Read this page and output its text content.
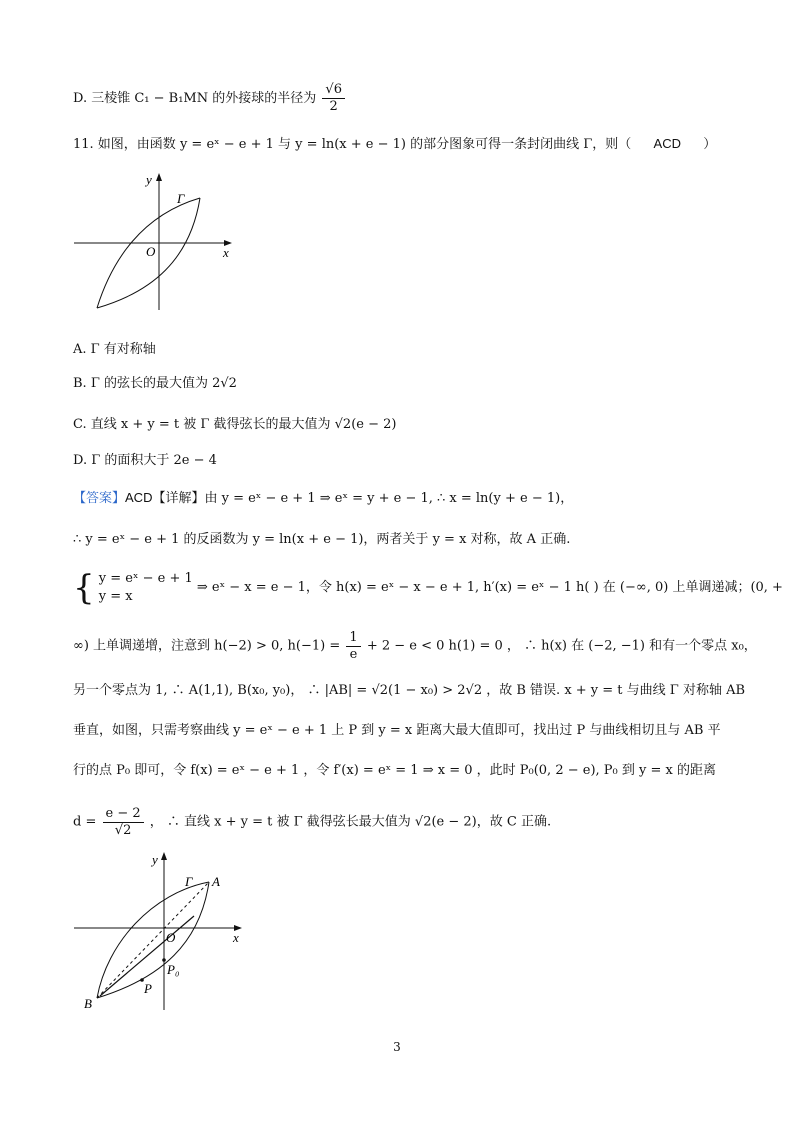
D. 三棱锥 C₁ − B₁MN 的外接球的半径为 $\frac{√6}{2}$
11. 如图，由函数 y = eˣ − e + 1 与 y = ln(x + e − 1) 的部分图象可得一条封闭曲线 Γ，则（ ACD ）
y
x
O
Γ
A. Γ 有对称轴
B. Γ 的弦长的最大值为 2√2
C. 直线 x + y = t 被 Γ 截得弦长的最大值为 √2(e − 2)
D. Γ 的面积大于 2e − 4
【答案】ACD【详解】由 y = eˣ − e + 1 ⇒ eˣ = y + e − 1, ∴ x = ln(y + e − 1)，
∴ y = eˣ − e + 1 的反函数为 y = ln(x + e − 1)，两者关于 y = x 对称，故 A 正确.
{ y = eˣ − e + 1
y = x
⇒ eˣ − x = e − 1，令 h(x) = eˣ − x − e + 1, h′(x) = eˣ − 1 h( ) 在 (−∞, 0) 上单调递减；(0, +
∞) 上单调递增，注意到 h(−2) > 0, $h(-1) = \frac{1}{e} + 2 - e < 0$ h(1) = 0 ， ∴ h(x) 在 (−2, −1) 和有一个零点 x₀，
另一个零点为 1, ∴ A(1,1), B(x₀, y₀)， ∴ |AB| = √2(1 − x₀) > 2√2 ，故 B 错误. x + y = t 与曲线 Γ 对称轴 AB
垂直，如图，只需考察曲线 y = eˣ − e + 1 上 P 到 y = x 距离大最大值即可，找出过 P 与曲线相切且与 AB 平
行的点 P₀ 即可，令 f(x) = eˣ − e + 1 ，令 f′(x) = eˣ = 1 ⇒ x = 0 ，此时 P₀(0, 2 − e), P₀ 到 y = x 的距离
$d = \frac{e - 2}{√2}$ ， ∴ 直线 x + y = t 被 Γ 截得弦长最大值为 √2(e − 2)，故 C 正确.
y
x
O
Γ A
B
P₀
P
3
